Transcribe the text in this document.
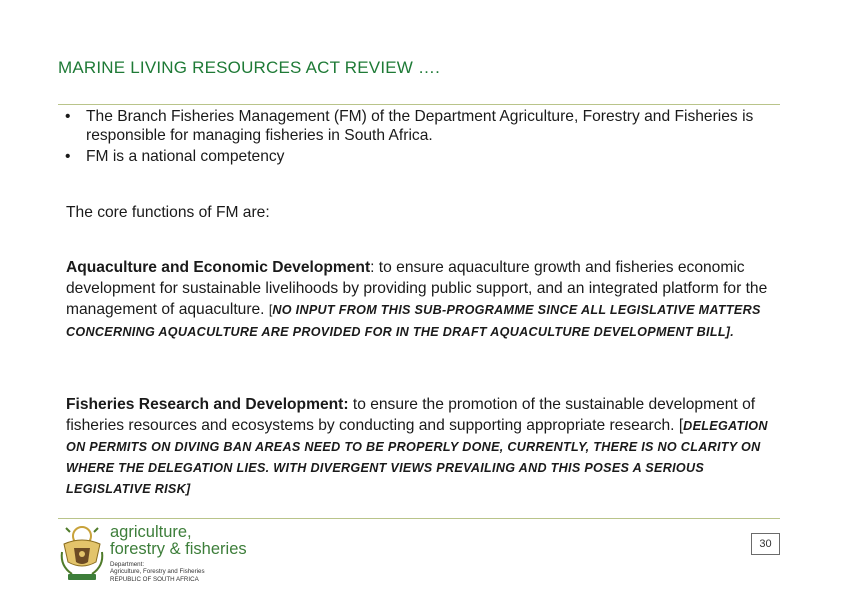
MARINE LIVING RESOURCES ACT REVIEW ….
• The Branch Fisheries Management (FM) of the Department Agriculture, Forestry and Fisheries is responsible for managing fisheries in South Africa.
• FM is a national competency

The core functions of FM are:

Aquaculture and Economic Development: to ensure aquaculture growth and fisheries economic development for sustainable livelihoods by providing public support, and an integrated platform for the management of aquaculture. [NO INPUT FROM THIS SUB-PROGRAMME SINCE ALL LEGISLATIVE MATTERS CONCERNING AQUACULTURE ARE PROVIDED FOR IN THE DRAFT AQUACULTURE DEVELOPMENT BILL].

Fisheries Research and Development: to ensure the promotion of the sustainable development of fisheries resources and ecosystems by conducting and supporting appropriate research. [DELEGATION ON PERMITS ON DIVING BAN AREAS NEED TO BE PROPERLY DONE, CURRENTLY, THERE IS NO CLARITY ON WHERE THE DELEGATION LIES. WITH DIVERGENT VIEWS PREVAILING AND THIS POSES A SERIOUS LEGISLATIVE RISK]

agriculture,
forestry & fisheries
Department:
Agriculture, Forestry and Fisheries
REPUBLIC OF SOUTH AFRICA
30
